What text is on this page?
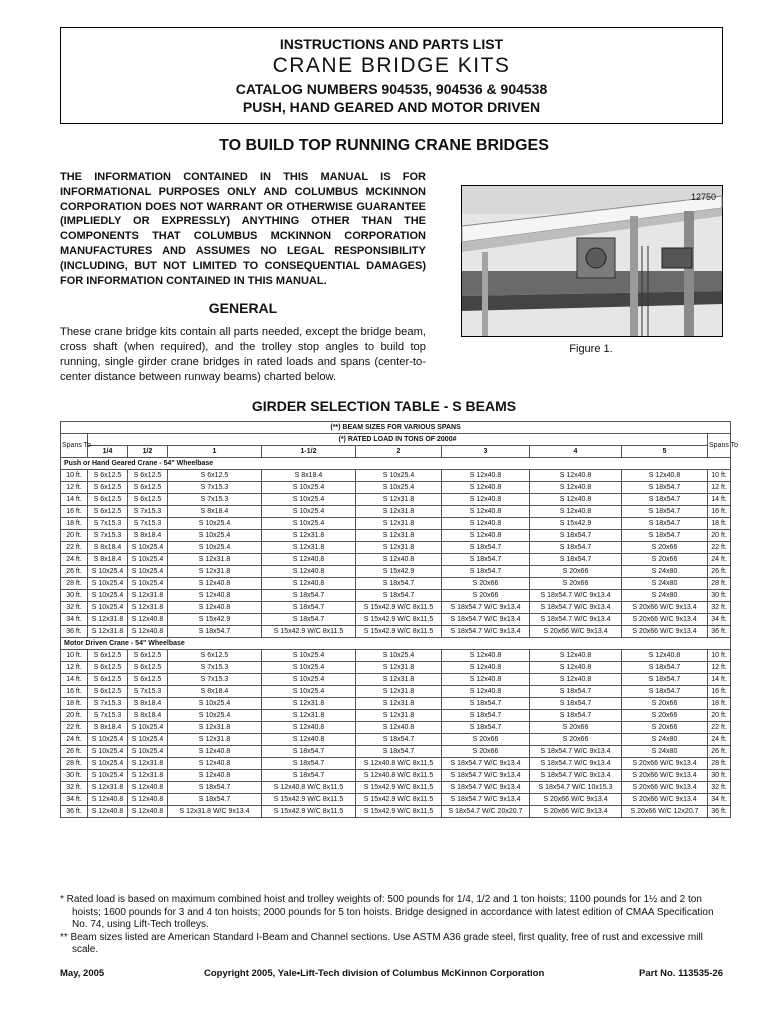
INSTRUCTIONS AND PARTS LIST
CRANE BRIDGE KITS
CATALOG NUMBERS 904535, 904536 & 904538
PUSH, HAND GEARED AND MOTOR DRIVEN
TO BUILD TOP RUNNING CRANE BRIDGES
THE INFORMATION CONTAINED IN THIS MANUAL IS FOR INFORMATIONAL PURPOSES ONLY AND COLUMBUS MCKINNON CORPORATION DOES NOT WARRANT OR OTHERWISE GUARANTEE (IMPLIEDLY OR EXPRESSLY) ANYTHING OTHER THAN THE COMPONENTS THAT COLUMBUS MCKINNON CORPORATION MANUFACTURES AND ASSUMES NO LEGAL RESPONSIBILITY (INCLUDING, BUT NOT LIMITED TO CONSEQUENTIAL DAMAGES) FOR INFORMATION CONTAINED IN THIS MANUAL.
GENERAL
These crane bridge kits contain all parts needed, except the bridge beam, cross shaft (when required), and the trolley stop angles to build top running, single girder crane bridges in rated loads and spans (center-to-center distance between runway beams) charted below.
12750
Figure 1.
GIRDER SELECTION TABLE - S BEAMS
(**) BEAM SIZES FOR VARIOUS SPANS									
Spans To	(*) RATED LOAD IN TONS OF 2000#								Spans To
	1/4	1/2	1	1-1/2	2	3	4	5	
Push or Hand Geared Crane - 54" Wheelbase									
10 ft.	S 6x12.5	S 6x12.5	S 6x12.5	S 8x18.4	S 10x25.4	S 12x40.8	S 12x40.8	S 12x40.8	10 ft.
12 ft.	S 6x12.5	S 6x12.5	S 7x15.3	S 10x25.4	S 10x25.4	S 12x40.8	S 12x40.8	S 18x54.7	12 ft.
14 ft.	S 6x12.5	S 6x12.5	S 7x15.3	S 10x25.4	S 12x31.8	S 12x40.8	S 12x40.8	S 18x54.7	14 ft.
16 ft.	S 6x12.5	S 7x15.3	S 8x18.4	S 10x25.4	S 12x31.8	S 12x40.8	S 12x40.8	S 18x54.7	16 ft.
18 ft.	S 7x15.3	S 7x15.3	S 10x25.4	S 10x25.4	S 12x31.8	S 12x40.8	S 15x42.9	S 18x54.7	18 ft.
20 ft.	S 7x15.3	S 8x18.4	S 10x25.4	S 12x31.8	S 12x31.8	S 12x40.8	S 18x54.7	S 18x54.7	20 ft.
22 ft.	S 8x18.4	S 10x25.4	S 10x25.4	S 12x31.8	S 12x31.8	S 18x54.7	S 18x54.7	S 20x66	22 ft.
24 ft.	S 8x18.4	S 10x25.4	S 12x31.8	S 12x40.8	S 12x40.8	S 18x54.7	S 18x54.7	S 20x66	24 ft.
26 ft.	S 10x25.4	S 10x25.4	S 12x31.8	S 12x40.8	S 15x42.9	S 18x54.7	S 20x66	S 24x80	26 ft.
28 ft.	S 10x25.4	S 10x25.4	S 12x40.8	S 12x40.8	S 18x54.7	S 20x66	S 20x66	S 24x80	28 ft.
30 ft.	S 10x25.4	S 12x31.8	S 12x40.8	S 18x54.7	S 18x54.7	S 20x66	S 18x54.7 W/C 9x13.4	S 24x80	30 ft.
32 ft.	S 10x25.4	S 12x31.8	S 12x40.8	S 18x54.7	S 15x42.9 W/C 8x11.5	S 18x54.7 W/C 9x13.4	S 18x54.7 W/C 9x13.4	S 20x66 W/C 9x13.4	32 ft.
34 ft.	S 12x31.8	S 12x40.8	S 15x42.9	S 18x54.7	S 15x42.9 W/C 8x11.5	S 18x54.7 W/C 9x13.4	S 18x54.7 W/C 9x13.4	S 20x66 W/C 9x13.4	34 ft.
36 ft.	S 12x31.8	S 12x40.8	S 18x54.7	S 15x42.9 W/C 8x11.5	S 15x42.9 W/C 8x11.5	S 18x54.7 W/C 9x13.4	S 20x66 W/C 9x13.4	S 20x66 W/C 9x13.4	36 ft.
Motor Driven Crane - 54" Wheelbase									
10 ft.	S 6x12.5	S 6x12.5	S 6x12.5	S 10x25.4	S 10x25.4	S 12x40.8	S 12x40.8	S 12x40.8	10 ft.
12 ft.	S 6x12.5	S 6x12.5	S 7x15.3	S 10x25.4	S 12x31.8	S 12x40.8	S 12x40.8	S 18x54.7	12 ft.
14 ft.	S 6x12.5	S 6x12.5	S 7x15.3	S 10x25.4	S 12x31.8	S 12x40.8	S 12x40.8	S 18x54.7	14 ft.
16 ft.	S 6x12.5	S 7x15.3	S 8x18.4	S 10x25.4	S 12x31.8	S 12x40.8	S 18x54.7	S 18x54.7	16 ft.
18 ft.	S 7x15.3	S 8x18.4	S 10x25.4	S 12x31.8	S 12x31.8	S 18x54.7	S 18x54.7	S 20x66	18 ft.
20 ft.	S 7x15.3	S 8x18.4	S 10x25.4	S 12x31.8	S 12x31.8	S 18x54.7	S 18x54.7	S 20x66	20 ft.
22 ft.	S 8x18.4	S 10x25.4	S 12x31.8	S 12x40.8	S 12x40.8	S 18x54.7	S 20x66	S 20x66	22 ft.
24 ft.	S 10x25.4	S 10x25.4	S 12x31.8	S 12x40.8	S 18x54.7	S 20x66	S 20x66	S 24x80	24 ft.
26 ft.	S 10x25.4	S 10x25.4	S 12x40.8	S 18x54.7	S 18x54.7	S 20x66	S 18x54.7 W/C 9x13.4	S 24x80	26 ft.
28 ft.	S 10x25.4	S 12x31.8	S 12x40.8	S 18x54.7	S 12x40.8 W/C 8x11.5	S 18x54.7 W/C 9x13.4	S 18x54.7 W/C 9x13.4	S 20x66 W/C 9x13.4	28 ft.
30 ft.	S 10x25.4	S 12x31.8	S 12x40.8	S 18x54.7	S 12x40.8 W/C 8x11.5	S 18x54.7 W/C 9x13.4	S 18x54.7 W/C 9x13.4	S 20x66 W/C 9x13.4	30 ft.
32 ft.	S 12x31.8	S 12x40.8	S 18x54.7	S 12x40.8 W/C 8x11.5	S 15x42.9 W/C 8x11.5	S 18x54.7 W/C 9x13.4	S 18x54.7 W/C 10x15.3	S 20x66 W/C 9x13.4	32 ft.
34 ft.	S 12x40.8	S 12x40.8	S 18x54.7	S 15x42.9 W/C 8x11.5	S 15x42.9 W/C 8x11.5	S 18x54.7 W/C 9x13.4	S 20x66 W/C 9x13.4	S 20x66 W/C 9x13.4	34 ft.
36 ft.	S 12x40.8	S 12x40.8	S 12x31.8 W/C 9x13.4	S 15x42.9 W/C 8x11.5	S 15x42.9 W/C 8x11.5	S 18x54.7 W/C 20x20.7	S 20x66 W/C 9x13.4	S 20x66 W/C 12x20.7	36 ft.

* Rated load is based on maximum combined hoist and trolley weights of: 500 pounds for 1/4, 1/2 and 1 ton hoists; 1100 pounds for 1½ and 2 ton hoists; 1600 pounds for 3 and 4 ton hoists; 2000 pounds for 5 ton hoists. Bridge designed in accordance with latest edition of CMAA Specification No. 74, using Lift-Tech trolleys.

** Beam sizes listed are American Standard I-Beam and Channel sections. Use ASTM A36 grade steel, first quality, free of rust and excessive mill scale.

May, 2005	Copyright 2005, Yale•Lift-Tech division of Columbus McKinnon Corporation	Part No. 113535-26
